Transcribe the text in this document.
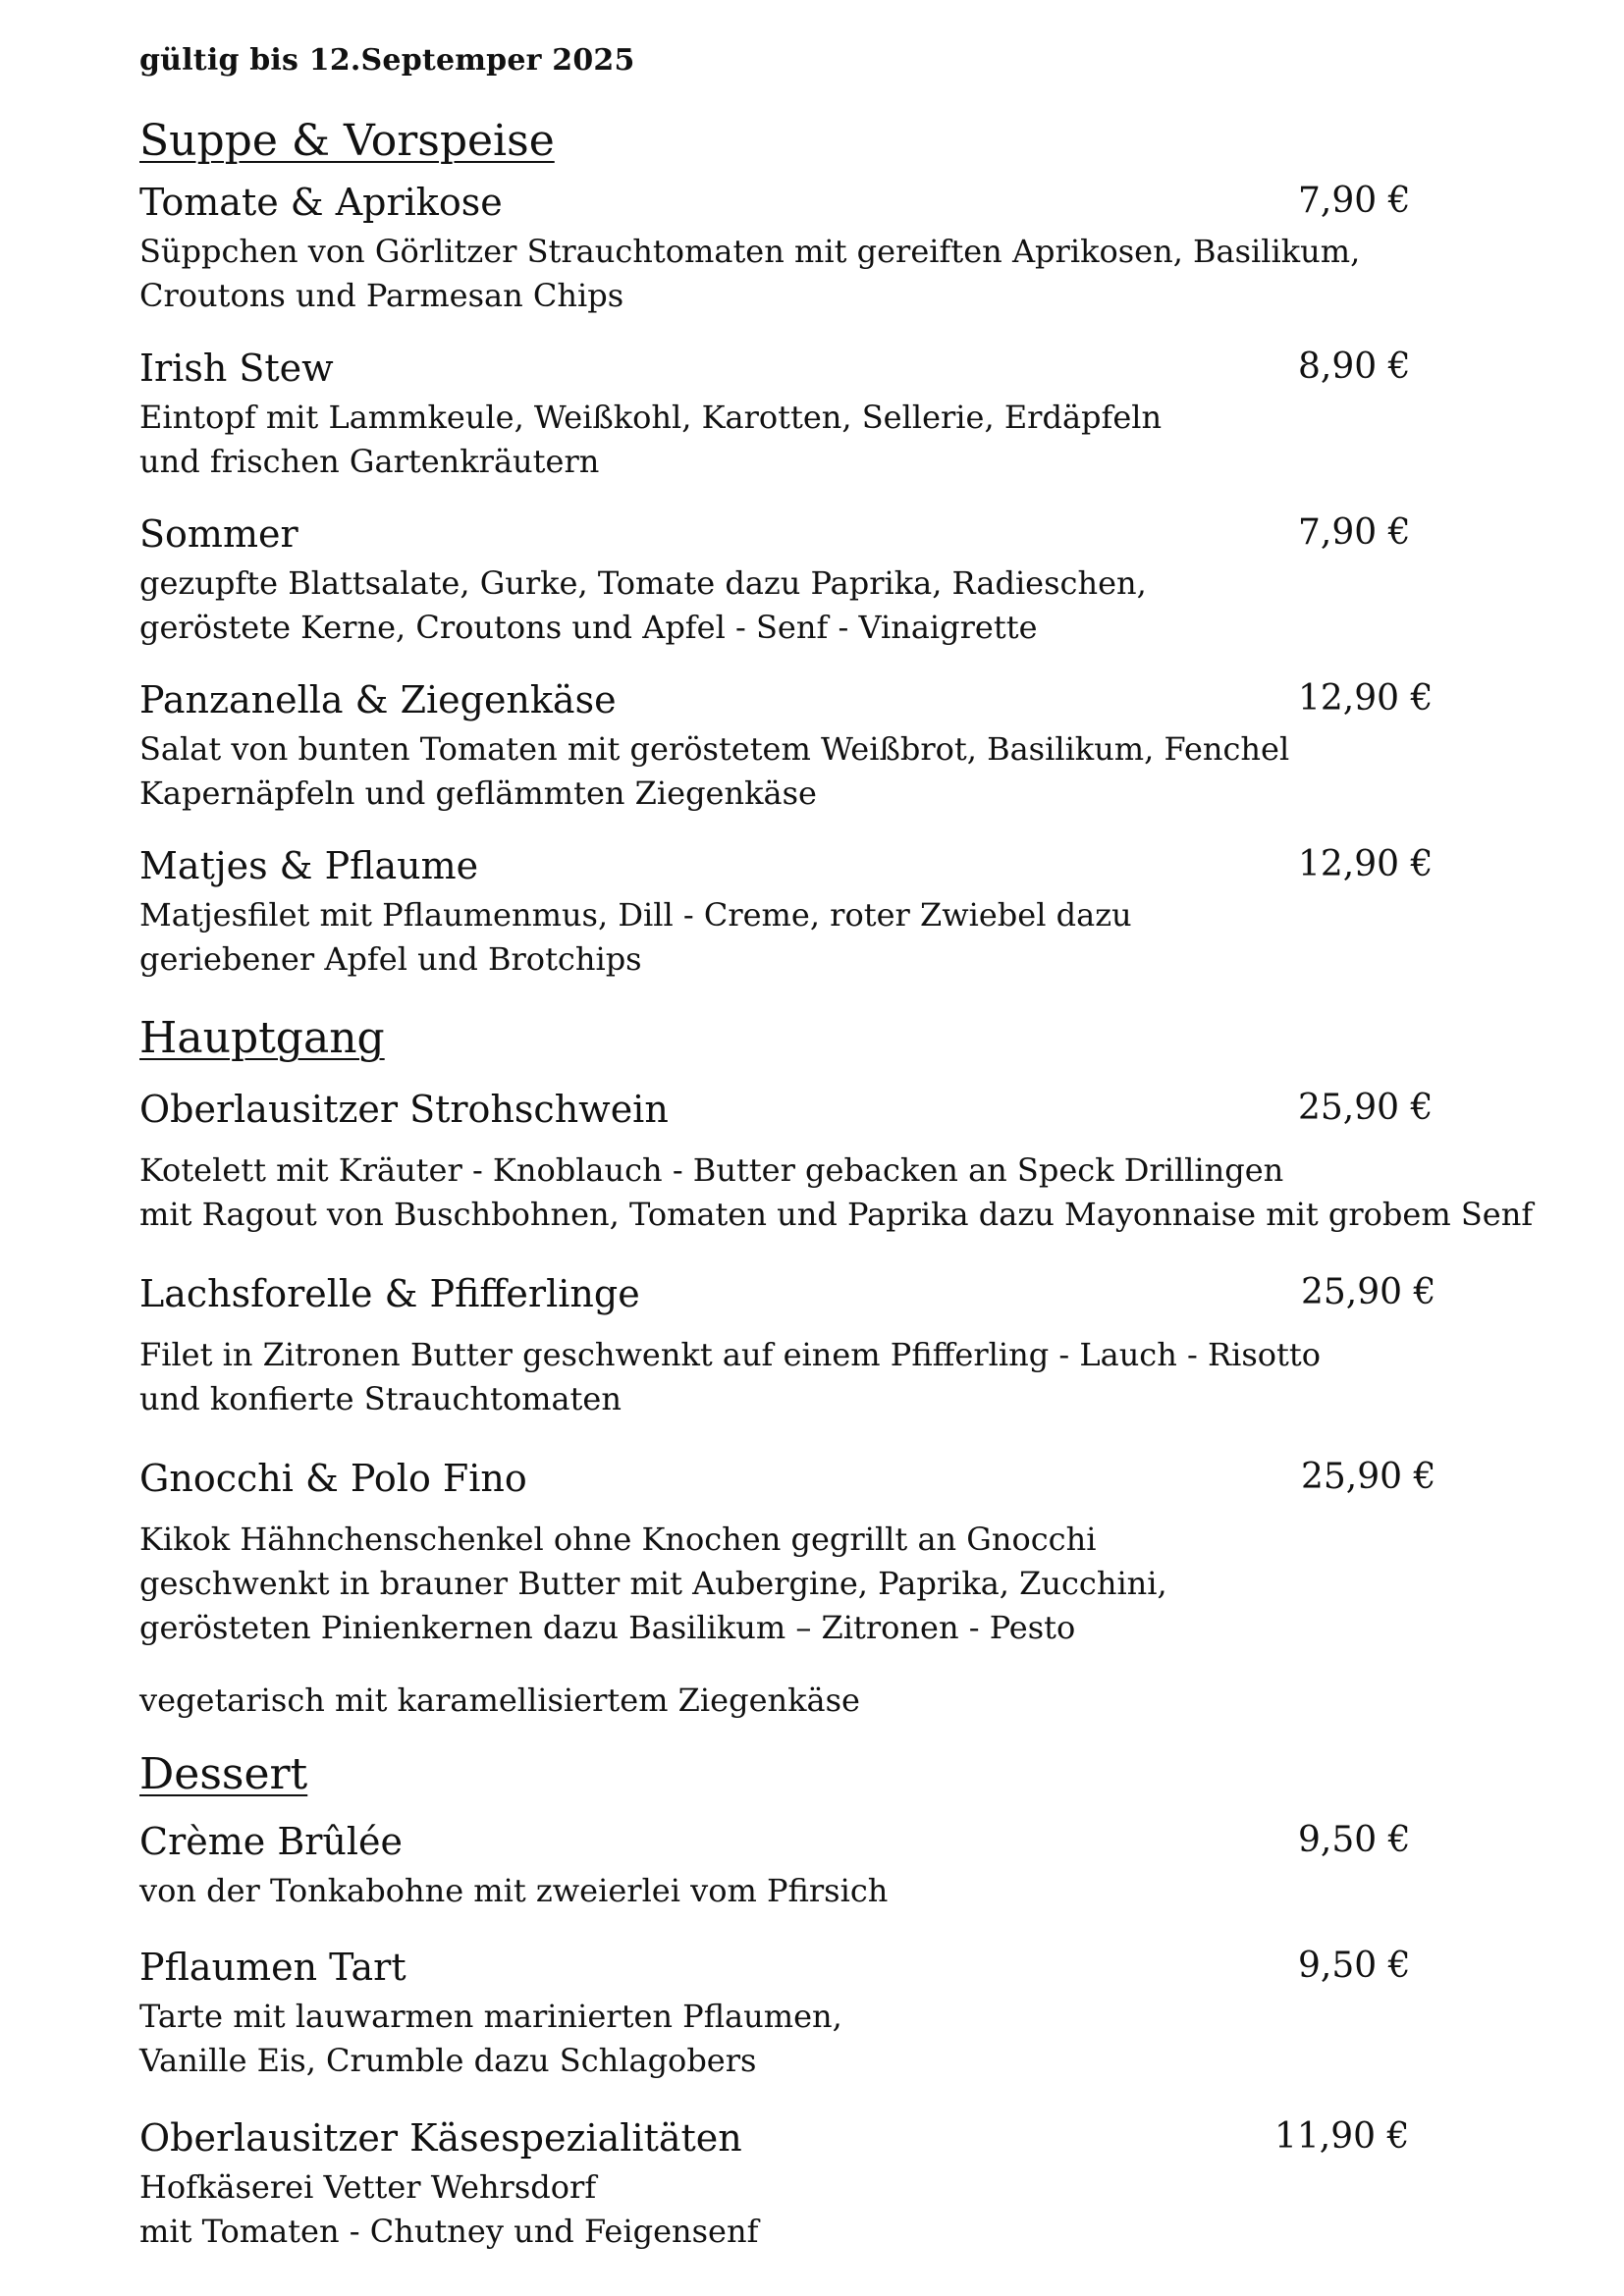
gültig bis 12.Septemper 2025
Suppe & Vorspeise
Tomate & Aprikose	7,90 €
Süppchen von Görlitzer Strauchtomaten mit gereiften Aprikosen, Basilikum,
Croutons und Parmesan Chips
Irish Stew	8,90 €
Eintopf mit Lammkeule, Weißkohl, Karotten, Sellerie, Erdäpfeln
und frischen Gartenkräutern
Sommer	7,90 €
gezupfte Blattsalate, Gurke, Tomate dazu Paprika, Radieschen,
geröstete Kerne, Croutons und Apfel - Senf - Vinaigrette
Panzanella & Ziegenkäse	12,90 €
Salat von bunten Tomaten mit geröstetem Weißbrot, Basilikum, Fenchel
Kapernäpfeln und geflämmten Ziegenkäse
Matjes & Pflaume	12,90 €
Matjesfilet mit Pflaumenmus, Dill - Creme, roter Zwiebel dazu
geriebener Apfel und Brotchips
Hauptgang
Oberlausitzer Strohschwein	25,90 €
Kotelett mit Kräuter - Knoblauch - Butter gebacken an Speck Drillingen
mit Ragout von Buschbohnen, Tomaten und Paprika dazu Mayonnaise mit grobem Senf
Lachsforelle & Pfifferlinge	25,90 €
Filet in Zitronen Butter geschwenkt auf einem Pfifferling - Lauch - Risotto
und konfierte Strauchtomaten
Gnocchi & Polo Fino	25,90 €
Kikok Hähnchenschenkel ohne Knochen gegrillt an Gnocchi
geschwenkt in brauner Butter mit Aubergine, Paprika, Zucchini,
gerösteten Pinienkernen dazu Basilikum – Zitronen - Pesto
vegetarisch mit karamellisiertem Ziegenkäse
Dessert
Crème Brûlée	9,50 €
von der Tonkabohne mit zweierlei vom Pfirsich
Pflaumen Tart	9,50 €
Tarte mit lauwarmen marinierten Pflaumen,
Vanille Eis, Crumble dazu Schlagobers
Oberlausitzer Käsespezialitäten	11,90 €
Hofkäserei Vetter Wehrsdorf
mit Tomaten - Chutney und Feigensenf
